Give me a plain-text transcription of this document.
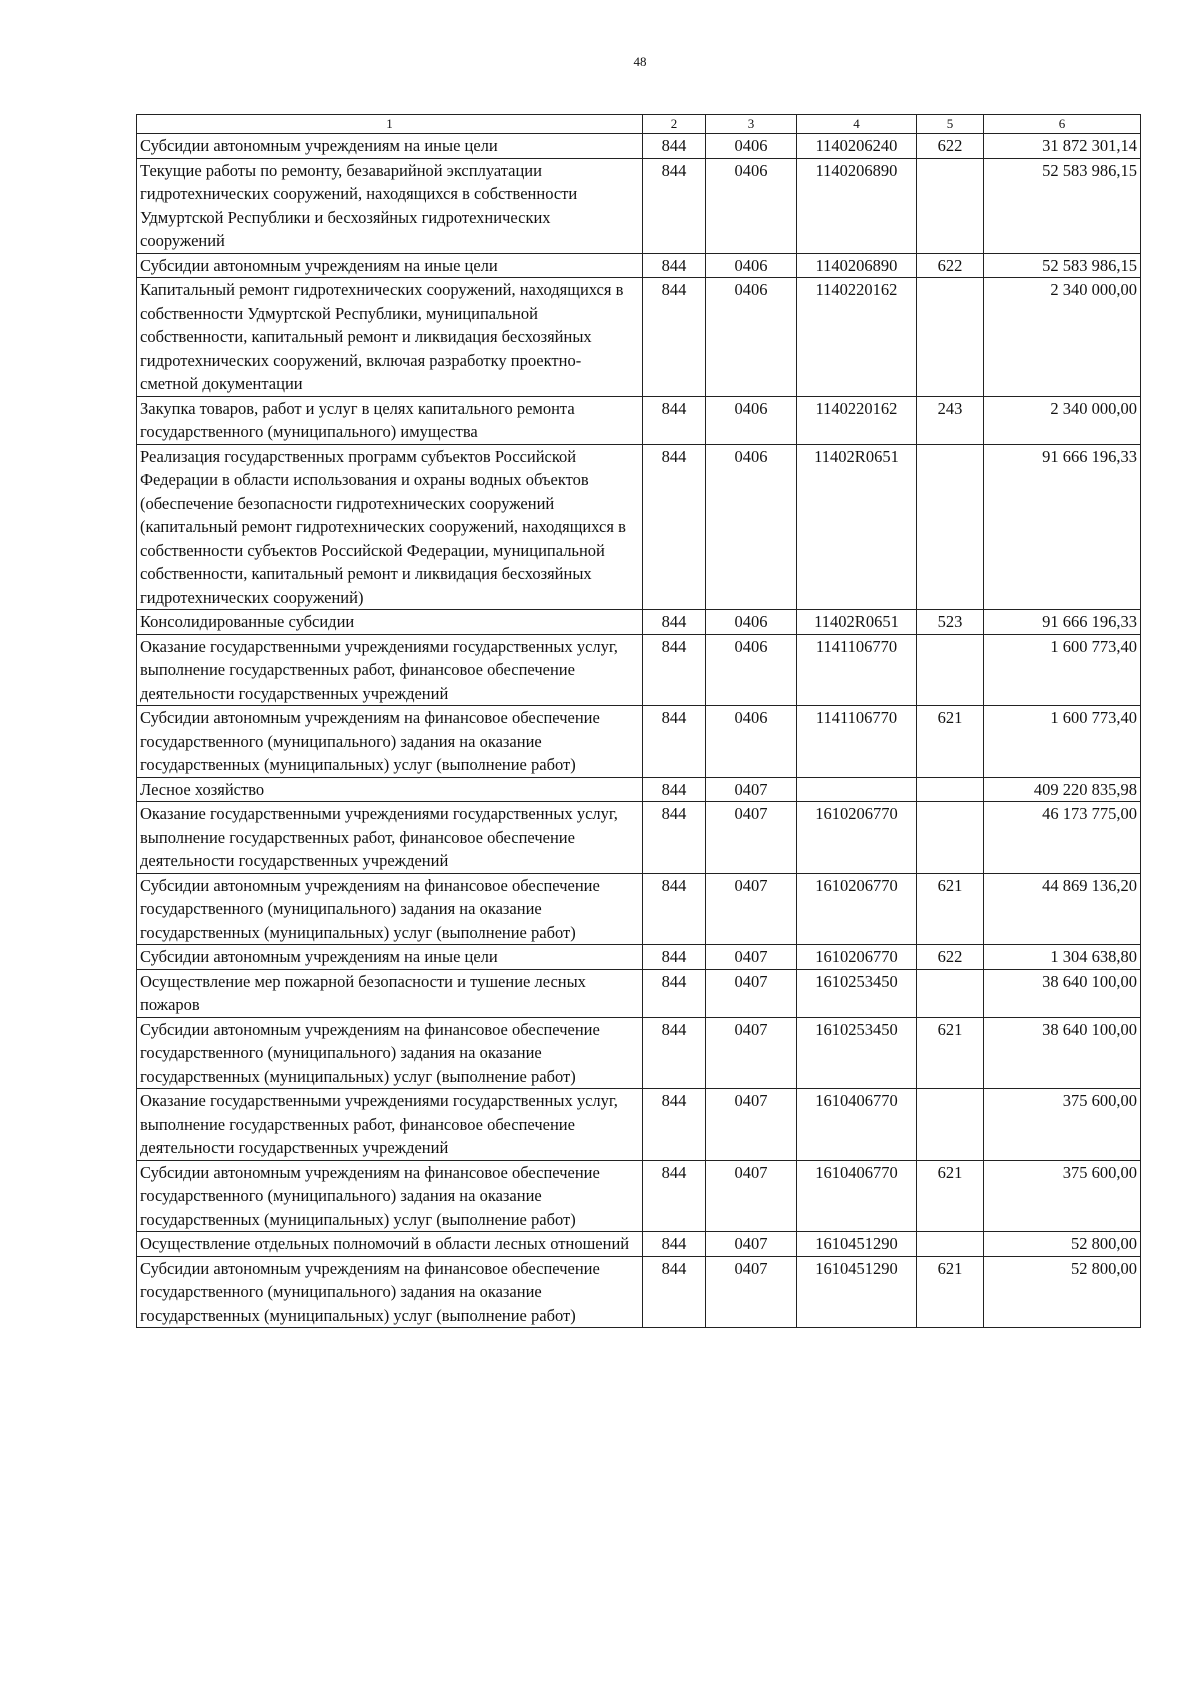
48
1	2	3	4	5	6
Субсидии автономным учреждениям на иные цели	844	0406	1140206240	622	31 872 301,14
Текущие работы по ремонту, безаварийной эксплуатации гидротехнических сооружений, находящихся в собственности Удмуртской Республики и бесхозяйных гидротехнических сооружений	844	0406	1140206890		52 583 986,15
Субсидии автономным учреждениям на иные цели	844	0406	1140206890	622	52 583 986,15
Капитальный ремонт гидротехнических сооружений, находящихся в собственности Удмуртской Республики, муниципальной собственности, капитальный ремонт и ликвидация бесхозяйных гидротехнических сооружений, включая разработку проектно-сметной документации	844	0406	1140220162		2 340 000,00
Закупка товаров, работ и услуг в целях капитального ремонта государственного (муниципального) имущества	844	0406	1140220162	243	2 340 000,00
Реализация государственных программ субъектов Российской Федерации в области использования и охраны водных объектов (обеспечение безопасности гидротехнических сооружений (капитальный ремонт гидротехнических сооружений, находящихся в собственности субъектов Российской Федерации, муниципальной собственности, капитальный ремонт и ликвидация бесхозяйных гидротехнических сооружений)	844	0406	11402R0651		91 666 196,33
Консолидированные субсидии	844	0406	11402R0651	523	91 666 196,33
Оказание государственными учреждениями государственных услуг, выполнение государственных работ, финансовое обеспечение деятельности государственных учреждений	844	0406	1141106770		1 600 773,40
Субсидии автономным учреждениям на финансовое обеспечение государственного (муниципального) задания на оказание государственных (муниципальных) услуг (выполнение работ)	844	0406	1141106770	621	1 600 773,40
Лесное хозяйство	844	0407			409 220 835,98
Оказание государственными учреждениями государственных услуг, выполнение государственных работ, финансовое обеспечение деятельности государственных учреждений	844	0407	1610206770		46 173 775,00
Субсидии автономным учреждениям на финансовое обеспечение государственного (муниципального) задания на оказание государственных (муниципальных) услуг (выполнение работ)	844	0407	1610206770	621	44 869 136,20
Субсидии автономным учреждениям на иные цели	844	0407	1610206770	622	1 304 638,80
Осуществление мер пожарной безопасности и тушение лесных пожаров	844	0407	1610253450		38 640 100,00
Субсидии автономным учреждениям на финансовое обеспечение государственного (муниципального) задания на оказание государственных (муниципальных) услуг (выполнение работ)	844	0407	1610253450	621	38 640 100,00
Оказание государственными учреждениями государственных услуг, выполнение государственных работ, финансовое обеспечение деятельности государственных учреждений	844	0407	1610406770		375 600,00
Субсидии автономным учреждениям на финансовое обеспечение государственного (муниципального) задания на оказание государственных (муниципальных) услуг (выполнение работ)	844	0407	1610406770	621	375 600,00
Осуществление отдельных полномочий в области лесных отношений	844	0407	1610451290		52 800,00
Субсидии автономным учреждениям на финансовое обеспечение государственного (муниципального) задания на оказание государственных (муниципальных) услуг (выполнение работ)	844	0407	1610451290	621	52 800,00
